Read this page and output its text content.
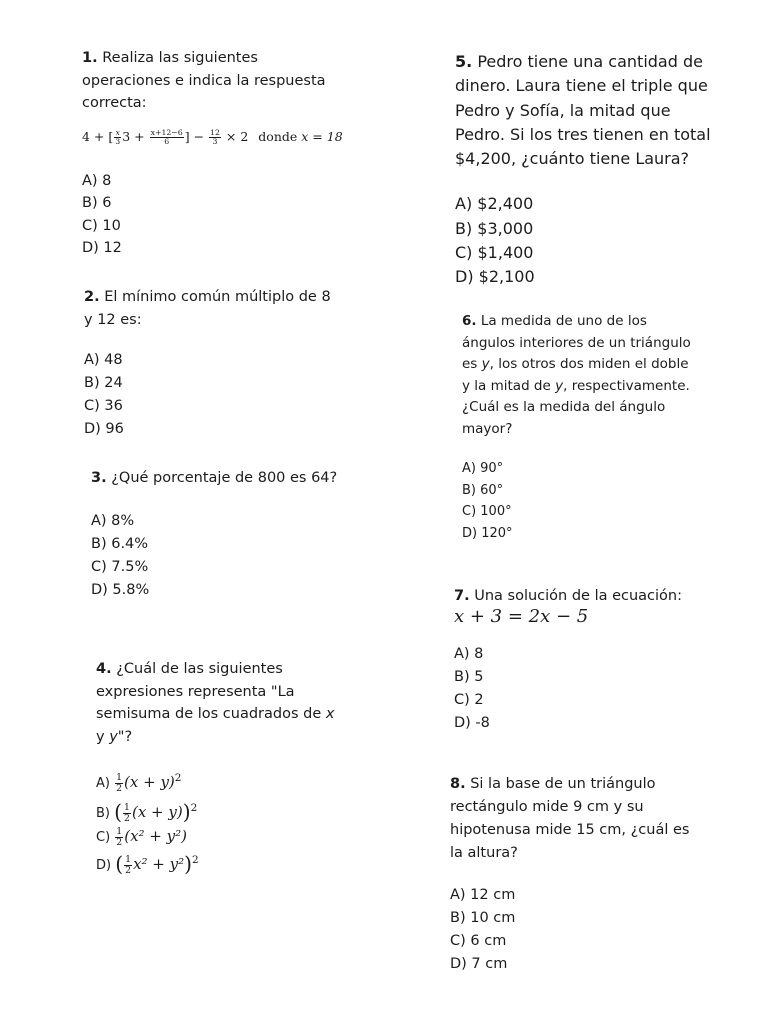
1. Realiza las siguientes
operaciones e indica la respuesta
correcta:

4 + [ $\frac{x}{3} 3 + \frac{x+12-6}{6}$ ] − $\frac{12}{3} \times 2$ donde x = 18
A) 8
B) 6
C) 10
D) 12

2. El mínimo común múltiplo de 8
y 12 es:

A) 48
B) 24
C) 36
D) 96

3. ¿Qué porcentaje de 800 es 64?

A) 8%
B) 6.4%
C) 7.5%
D) 5.8%

4. ¿Cuál de las siguientes
expresiones representa "La
semisuma de los cuadrados de x
y y"?

$A) \frac{1}{2} (x + y)^2$
B) ( $\frac{1}{2} (x + y))^2$
$C) \frac{1}{2} (x^2 + y^2)$
D) ( $\frac{1}{2} x^2 + y^2)^2$

5. Pedro tiene una cantidad de
dinero. Laura tiene el triple que
Pedro y Sofía, la mitad que
Pedro. Si los tres tienen en total
$4,200, ¿cuánto tiene Laura?

A) $2,400
B) $3,000
C) $1,400
D) $2,100

6. La medida de uno de los
ángulos interiores de un triángulo
es y, los otros dos miden el doble
y la mitad de y, respectivamente.
¿Cuál es la medida del ángulo
mayor?

A) 90°
B) 60°
C) 100°
D) 120°

7. Una solución de la ecuación:

x + 3 = 2x − 5
A) 8
B) 5
C) 2
D) -8

8. Si la base de un triángulo
rectángulo mide 9 cm y su
hipotenusa mide 15 cm, ¿cuál es
la altura?

A) 12 cm
B) 10 cm
C) 6 cm
D) 7 cm
